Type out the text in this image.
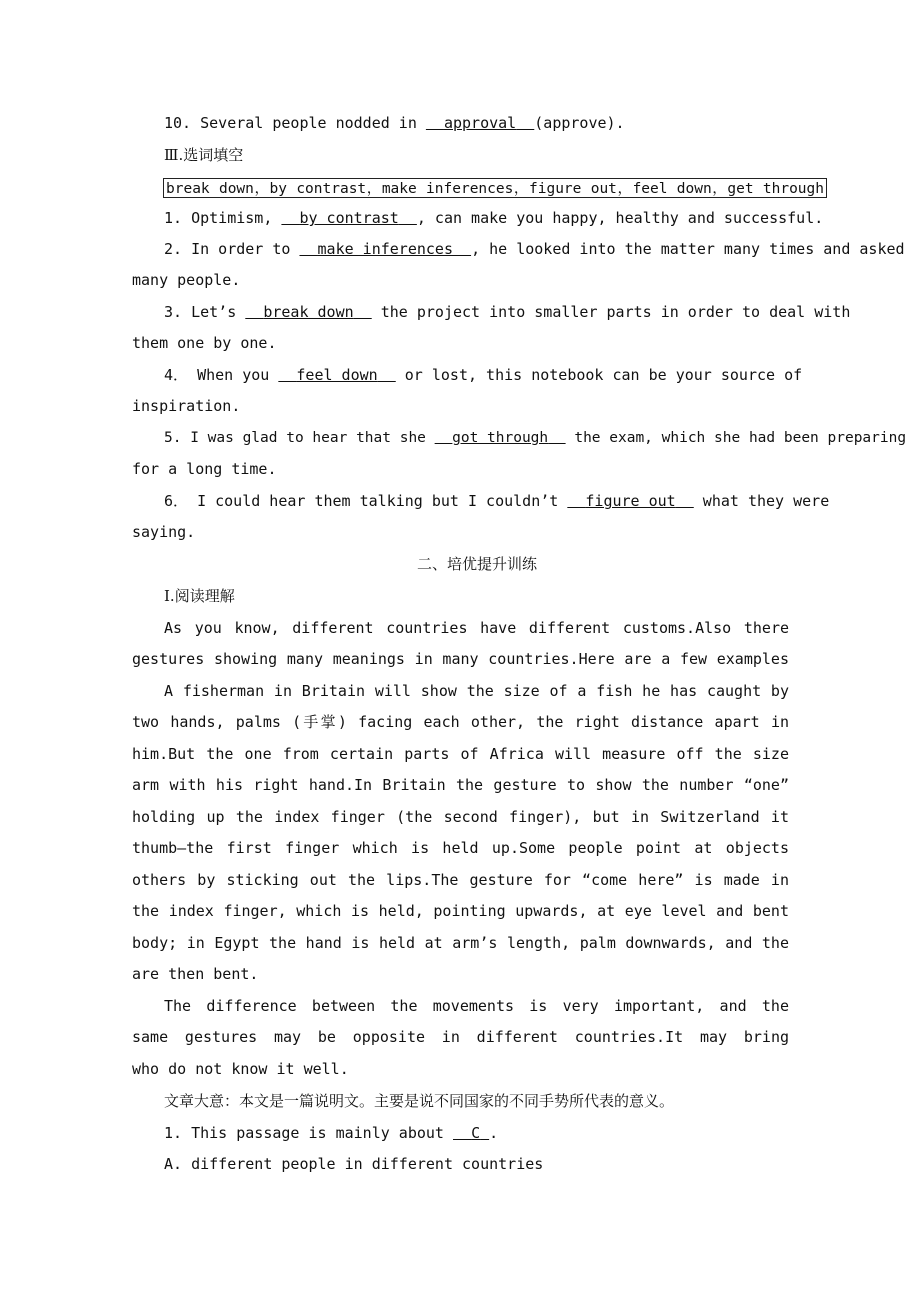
10. Several people nodded in approval (approve).
Ⅲ.选词填空
break down，by contrast，make inferences，figure out，feel down，get through
1. Optimism, by contrast , can make you happy, healthy and successful.
2. In order to make inferences , he looked into the matter many times and asked
many people.
3. Let’s break down the project into smaller parts in order to deal with
them one by one.
4． When you feel down or lost, this notebook can be your source of
inspiration.
5. I was glad to hear that she got through the exam, which she had been preparing
for a long time.
6． I could hear them talking but I couldn’t figure out what they were
saying.
二、培优提升训练
Ⅰ.阅读理解
As you know, different countries have different customs.Also there
gestures showing many meanings in many countries.Here are a few examples
A fisherman in Britain will show the size of a fish he has caught by
two hands, palms (手掌) facing each other, the right distance apart in
him.But the one from certain parts of Africa will measure off the size
arm with his right hand.In Britain the gesture to show the number “one”
holding up the index finger (the second finger), but in Switzerland it
thumb—the first finger which is held up.Some people point at objects
others by sticking out the lips.The gesture for “come here” is made in
the index finger, which is held, pointing upwards, at eye level and bent
body; in Egypt the hand is held at arm’s length, palm downwards, and the
are then bent.
The difference between the movements is very important, and the
same gestures may be opposite in different countries.It may bring
who do not know it well.
文章大意：本文是一篇说明文。主要是说不同国家的不同手势所代表的意义。
1. This passage is mainly about C .
A. different people in different countries
